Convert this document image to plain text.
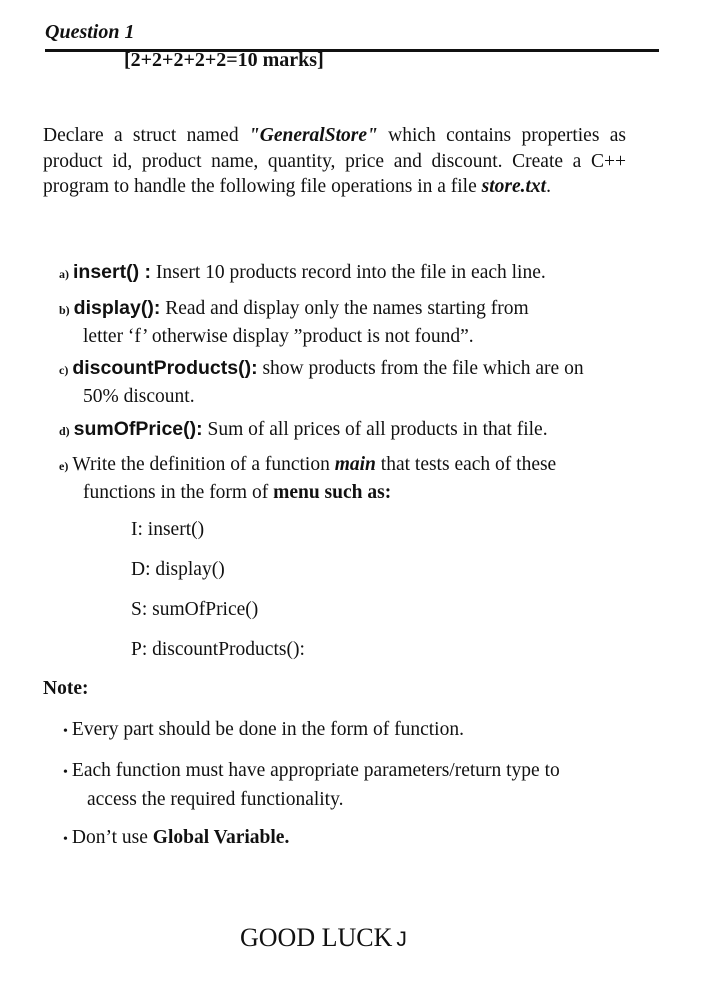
Question 1
[2+2+2+2+2=10 marks]
Declare a struct named "GeneralStore" which contains properties as product id, product name, quantity, price and discount. Create a C++ program to handle the following file operations in a file store.txt.
a) insert() : Insert 10 products record into the file in each line.
b) display(): Read and display only the names starting from
letter ‘f’ otherwise display ”product is not found”.
c) discountProducts(): show products from the file which are on
50% discount.
d) sumOfPrice(): Sum of all prices of all products in that file.
e) Write the definition of a function main that tests each of these
functions in the form of menu such as:
I: insert()
D: display()
S: sumOfPrice()
P: discountProducts():
Note:
• Every part should be done in the form of function.
• Each function must have appropriate parameters/return type to
access the required functionality.
• Don’t use Global Variable.
GOOD LUCK J
